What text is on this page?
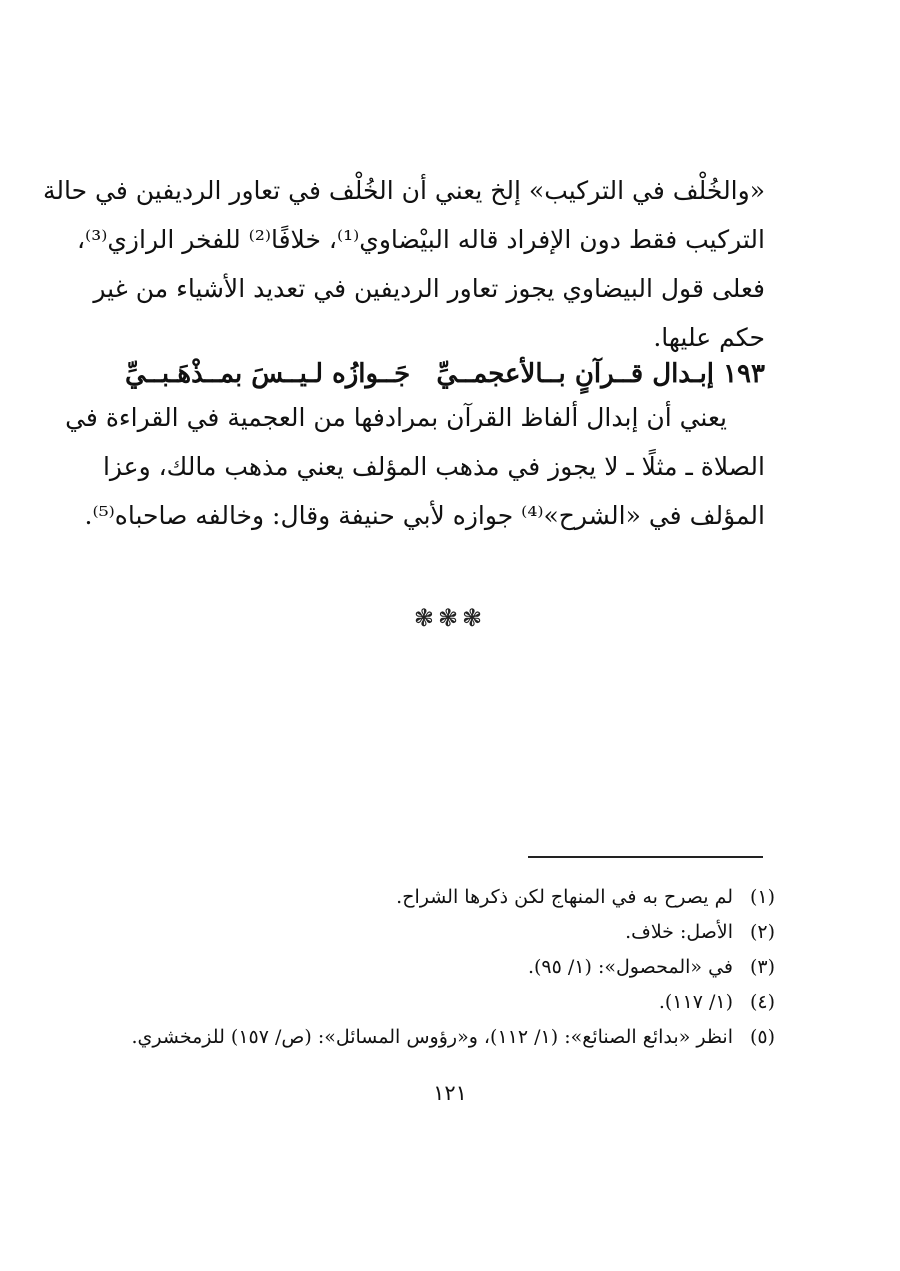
«والخُلْف في التركيب» إلخ يعني أن الخُلْف في تعاور الرديفين في حالة
التركيب فقط دون الإفراد قاله البيْضاوي⁽¹⁾، خلافًا⁽²⁾ للفخر الرازي⁽³⁾،
فعلى قول البيضاوي يجوز تعاور الرديفين في تعديد الأشياء من غير
حكم عليها.
١٩٣ إبـدال قــرآنٍ بــالأعجمــيِّ
جَــوازُه لـيــسَ بمــذْهَـبــيِّ
يعني أن إبدال ألفاظ القرآن بمرادفها من العجمية في القراءة في
الصلاة ـ مثلًا ـ لا يجوز في مذهب المؤلف يعني مذهب مالك، وعزا
المؤلف في «الشرح»⁽⁴⁾ جوازه لأبي حنيفة وقال: وخالفه صاحباه⁽⁵⁾.
❃❃❃
(١)
لم يصرح به في المنهاج لكن ذكرها الشراح.
(٢)
الأصل: خلاف.
(٣)
في «المحصول»: (١/ ٩٥).
(٤)
(١/ ١١٧).
(٥)
انظر «بدائع الصنائع»: (١/ ١١٢)، و«رؤوس المسائل»: (ص/ ١٥٧) للزمخشري.
١٢١
